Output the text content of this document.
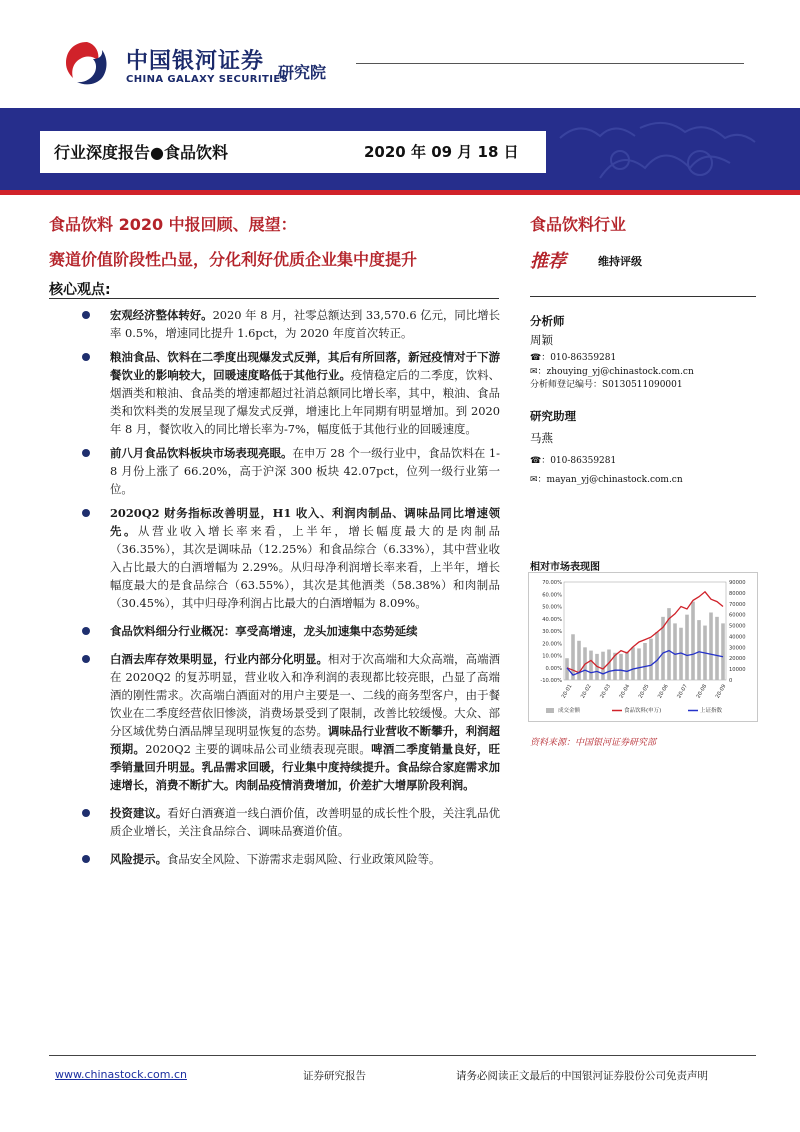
中国银河证券
CHINA GALAXY SECURITIES
研究院
行业深度报告●食品饮料	2020 年 09 月 18 日
食品饮料 2020 中报回顾、展望：
赛道价值阶段性凸显，分化利好优质企业集中度提升
核心观点:
宏观经济整体转好。2020 年 8 月，社零总额达到 33,570.6 亿元，同比增长率 0.5%，增速同比提升 1.6pct，为 2020 年度首次转正。
粮油食品、饮料在二季度出现爆发式反弹，其后有所回落，新冠疫情对于下游餐饮业的影响较大，回暖速度略低于其他行业。疫情稳定后的二季度，饮料、烟酒类和粮油、食品类的增速都超过社消总额同比增长率，其中，粮油、食品类和饮料类的发展呈现了爆发式反弹，增速比上年同期有明显增加。到 2020 年 8 月，餐饮收入的同比增长率为-7%，幅度低于其他行业的回暖速度。
前八月食品饮料板块市场表现亮眼。在申万 28 个一级行业中，食品饮料在 1-8 月份上涨了 66.20%，高于沪深 300 板块 42.07pct，位列一级行业第一位。
2020Q2 财务指标改善明显，H1 收入、利润肉制品、调味品同比增速领先。从营业收入增长率来看，上半年，增长幅度最大的是肉制品（36.35%），其次是调味品（12.25%）和食品综合（6.33%），其中营业收入占比最大的白酒增幅为 2.29%。从归母净利润增长率来看，上半年，增长幅度最大的是食品综合（63.55%），其次是其他酒类（58.38%）和肉制品（30.45%），其中归母净利润占比最大的白酒增幅为 8.09%。
食品饮料细分行业概况：享受高增速，龙头加速集中态势延续
白酒去库存效果明显，行业内部分化明显。相对于次高端和大众高端，高端酒在 2020Q2 的复苏明显，营业收入和净利润的表现都比较亮眼，凸显了高端酒的刚性需求。次高端白酒面对的用户主要是一、二线的商务型客户，由于餐饮业在二季度经营依旧惨淡，消费场景受到了限制，改善比较缓慢。大众、部分区域优势白酒品牌呈现明显恢复的态势。调味品行业营收不断攀升，利润超预期。2020Q2 主要的调味品公司业绩表现亮眼。啤酒二季度销量良好，旺季销量回升明显。乳品需求回暖，行业集中度持续提升。食品综合家庭需求加速增长，消费不断扩大。肉制品疫情消费增加，价差扩大增厚阶段利润。
投资建议。看好白酒赛道一线白酒价值，改善明显的成长性个股，关注乳品优质企业增长，关注食品综合、调味品赛道价值。
风险提示。食品安全风险、下游需求走弱风险、行业政策风险等。
食品饮料行业
推荐	维持评级
分析师
周颖
☎：010-86359281
✉：zhouying_yj@chinastock.com.cn
分析师登记编号：S0130511090001
研究助理
马燕
☎：010-86359281
✉：mayan_yj@chinastock.com.cn
相对市场表现图
70.00%
60.00%
50.00%
40.00%
30.00%
20.00%
10.00%
0.00%
-10.00%
90000
80000
70000
60000
50000
40000
30000
20000
10000
0
20-01 20-02 20-03 20-04 20-05 20-06 20-07 20-08 20-09
成交金额	食品饮料(申万)	上证指数
资料来源：中国银河证券研究部
www.chinastock.com.cn	证券研究报告	请务必阅读正文最后的中国银河证券股份公司免责声明
